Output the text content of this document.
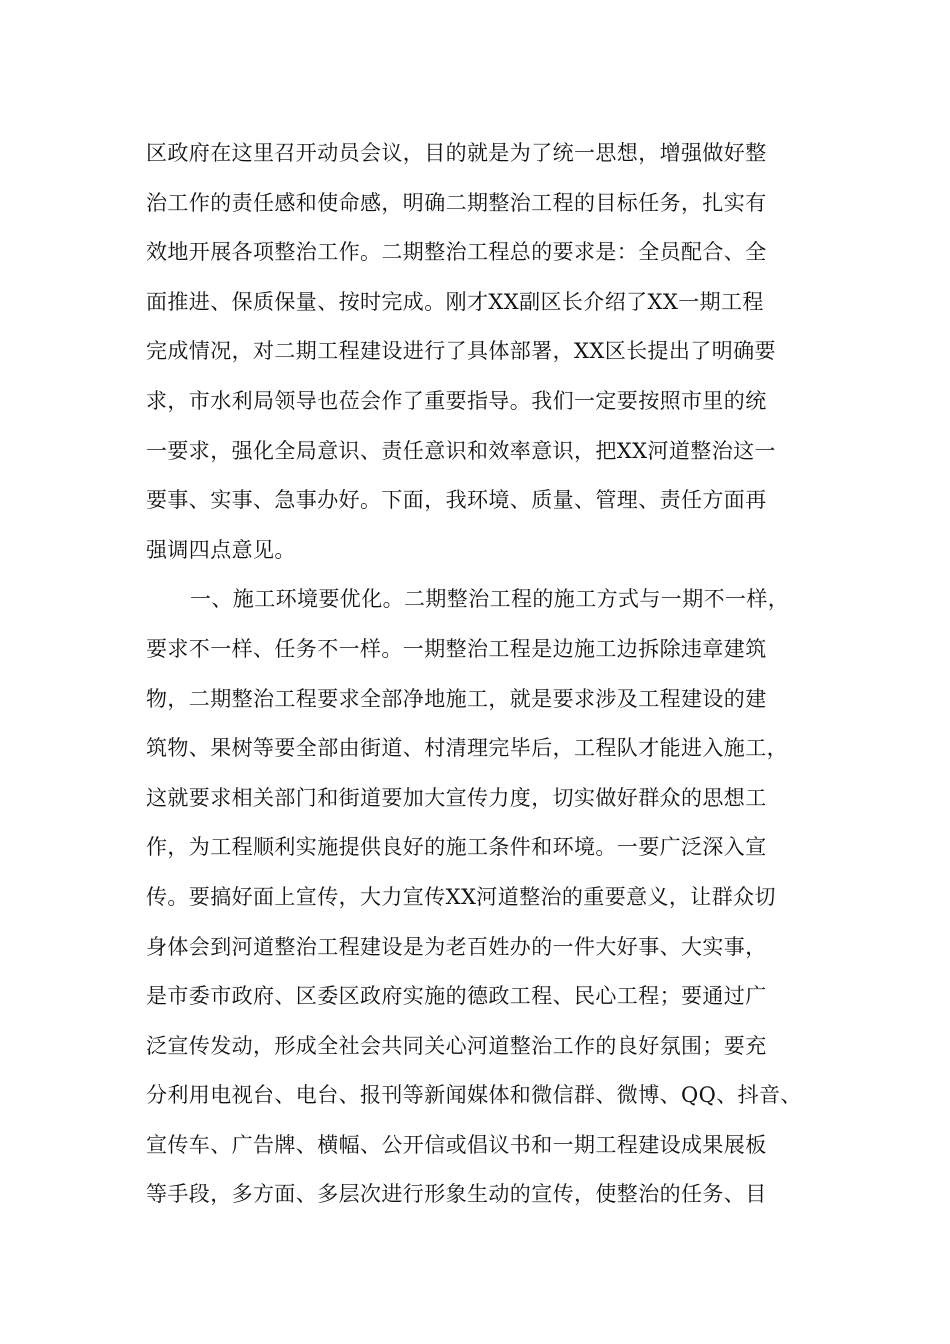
区政府在这里召开动员会议，目的就是为了统一思想，增强做好整
治工作的责任感和使命感，明确二期整治工程的目标任务，扎实有
效地开展各项整治工作。二期整治工程总的要求是：全员配合、全
面推进、保质保量、按时完成。刚才XX副区长介绍了XX一期工程
完成情况，对二期工程建设进行了具体部署，XX区长提出了明确要
求，市水利局领导也莅会作了重要指导。我们一定要按照市里的统
一要求，强化全局意识、责任意识和效率意识，把XX河道整治这一
要事、实事、急事办好。下面，我环境、质量、管理、责任方面再
强调四点意见。
一、施工环境要优化。二期整治工程的施工方式与一期不一样，
要求不一样、任务不一样。一期整治工程是边施工边拆除违章建筑
物，二期整治工程要求全部净地施工，就是要求涉及工程建设的建
筑物、果树等要全部由街道、村清理完毕后，工程队才能进入施工，
这就要求相关部门和街道要加大宣传力度，切实做好群众的思想工
作，为工程顺利实施提供良好的施工条件和环境。一要广泛深入宣
传。要搞好面上宣传，大力宣传XX河道整治的重要意义，让群众切
身体会到河道整治工程建设是为老百姓办的一件大好事、大实事，
是市委市政府、区委区政府实施的德政工程、民心工程；要通过广
泛宣传发动，形成全社会共同关心河道整治工作的良好氛围；要充
分利用电视台、电台、报刊等新闻媒体和微信群、微博、QQ、抖音、
宣传车、广告牌、横幅、公开信或倡议书和一期工程建设成果展板
等手段，多方面、多层次进行形象生动的宣传，使整治的任务、目
